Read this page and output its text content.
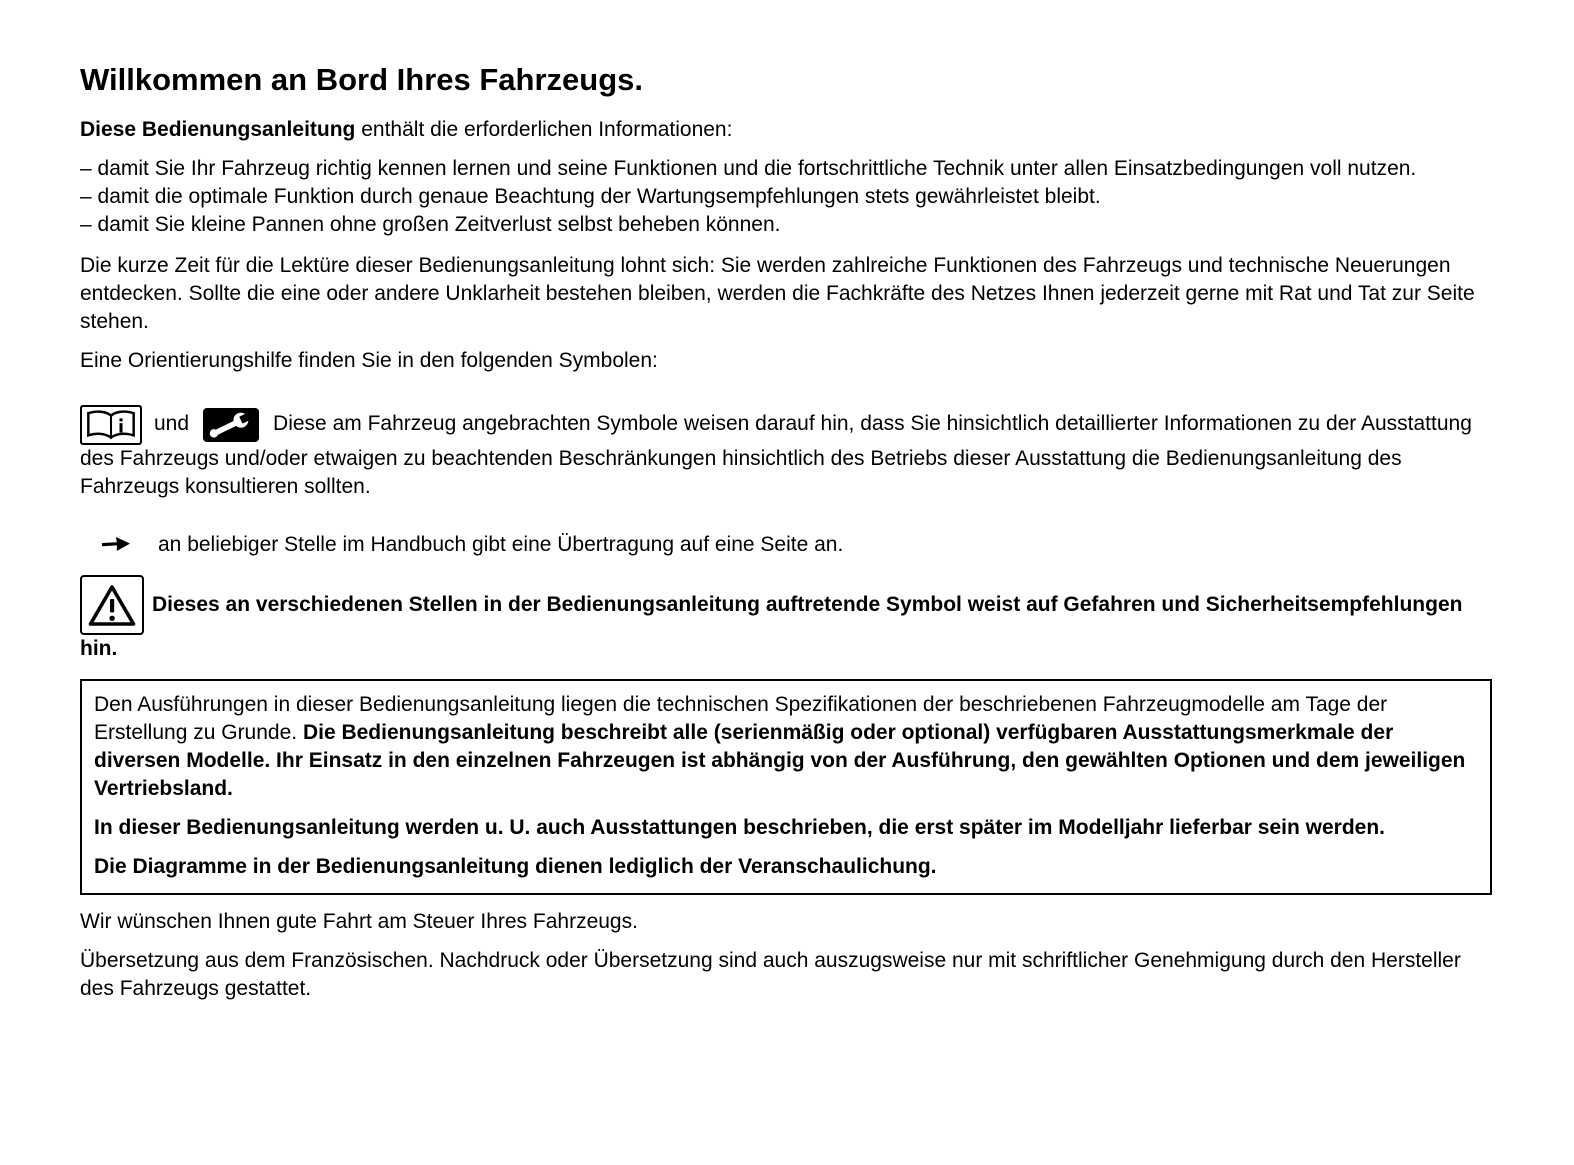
Willkommen an Bord Ihres Fahrzeugs.

Diese Bedienungsanleitung enthält die erforderlichen Informationen:

– damit Sie Ihr Fahrzeug richtig kennen lernen und seine Funktionen und die fortschrittliche Technik unter allen Einsatzbedingungen voll nutzen.

– damit die optimale Funktion durch genaue Beachtung der Wartungsempfehlungen stets gewährleistet bleibt.

– damit Sie kleine Pannen ohne großen Zeitverlust selbst beheben können.

Die kurze Zeit für die Lektüre dieser Bedienungsanleitung lohnt sich: Sie werden zahlreiche Funktionen des Fahrzeugs und technische Neuerungen entdecken. Sollte die eine oder andere Unklarheit bestehen bleiben, werden die Fachkräfte des Netzes Ihnen jederzeit gerne mit Rat und Tat zur Seite stehen.

Eine Orientierungshilfe finden Sie in den folgenden Symbolen:

und	Diese am Fahrzeug angebrachten Symbole weisen darauf hin, dass Sie hinsichtlich detaillierter Informationen zu der Ausstattung des Fahrzeugs und/oder etwaigen zu beachtenden Beschränkungen hinsichtlich des Betriebs dieser Ausstattung die Bedienungsanleitung des Fahrzeugs konsultieren sollten.

an beliebiger Stelle im Handbuch gibt eine Übertragung auf eine Seite an.

Dieses an verschiedenen Stellen in der Bedienungsanleitung auftretende Symbol weist auf Gefahren und Sicherheitsempfehlungen hin.

Den Ausführungen in dieser Bedienungsanleitung liegen die technischen Spezifikationen der beschriebenen Fahrzeugmodelle am Tage der Erstellung zu Grunde. Die Bedienungsanleitung beschreibt alle (serienmäßig oder optional) verfügbaren Ausstattungsmerkmale der diversen Modelle. Ihr Einsatz in den einzelnen Fahrzeugen ist abhängig von der Ausführung, den gewählten Optionen und dem jeweiligen Vertriebsland.

In dieser Bedienungsanleitung werden u. U. auch Ausstattungen beschrieben, die erst später im Modelljahr lieferbar sein werden.

Die Diagramme in der Bedienungsanleitung dienen lediglich der Veranschaulichung.

Wir wünschen Ihnen gute Fahrt am Steuer Ihres Fahrzeugs.

Übersetzung aus dem Französischen. Nachdruck oder Übersetzung sind auch auszugsweise nur mit schriftlicher Genehmigung durch den Hersteller des Fahrzeugs gestattet.
